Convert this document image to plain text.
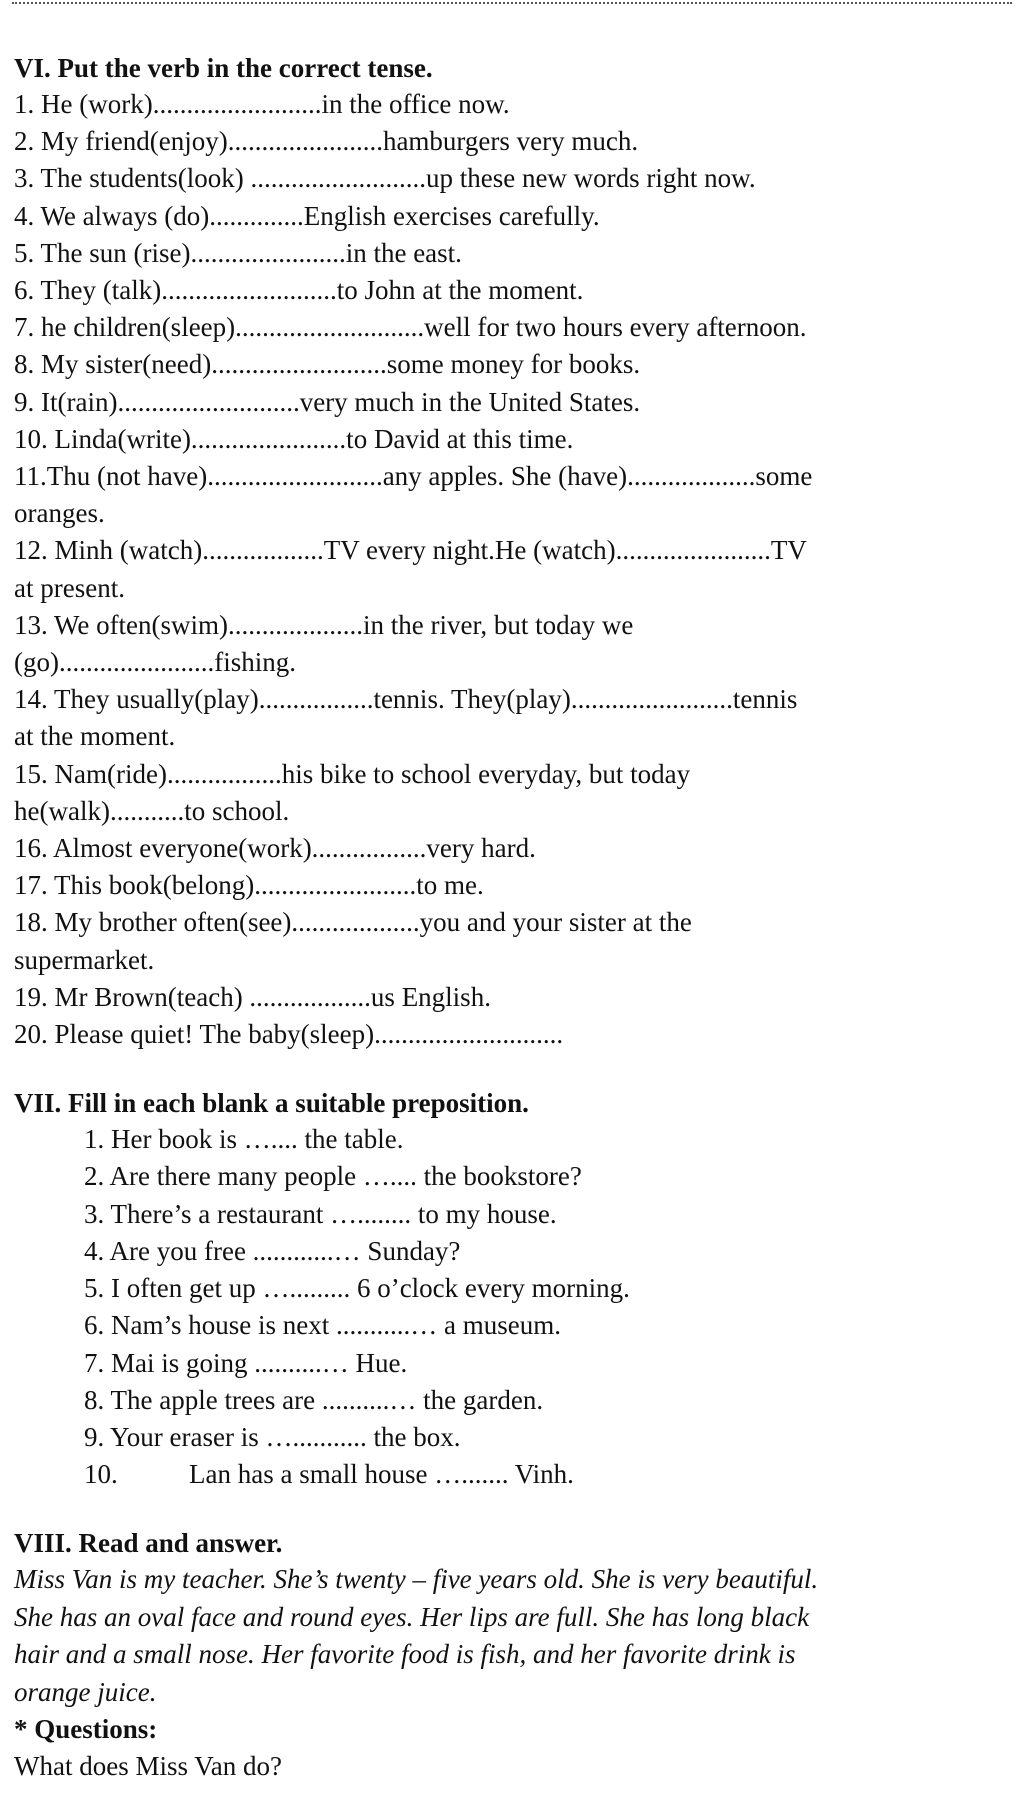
VI. Put the verb in the correct tense.

1. He (work).........................in the office now.

2. My friend(enjoy).......................hamburgers very much.

3. The students(look) ..........................up these new words right now.

4. We always (do)..............English exercises carefully.

5. The sun (rise).......................in the east.

6. They (talk)..........................to John at the moment.

7. he children(sleep)............................well for two hours every afternoon.

8. My sister(need)..........................some money for books.

9. It(rain)...........................very much in the United States.

10. Linda(write).......................to David at this time.

11.Thu (not have)..........................any apples. She (have)...................some

oranges.

12. Minh (watch)..................TV every night.He (watch).......................TV

at present.

13. We often(swim)....................in the river, but today we

(go).......................fishing.

14. They usually(play).................tennis. They(play)........................tennis

at the moment.

15. Nam(ride).................his bike to school everyday, but today

he(walk)...........to school.

16. Almost everyone(work).................very hard.

17. This book(belong)........................to me.

18. My brother often(see)...................you and your sister at the

supermarket.

19. Mr Brown(teach) ..................us English.

20. Please quiet! The baby(sleep)............................

VII. Fill in each blank a suitable preposition.

1. Her book is ….... the table.

2. Are there many people ….... the bookstore?

3. There’s a restaurant …........ to my house.

4. Are you free ............… Sunday?

5. I often get up …......... 6 o’clock every morning.

6. Nam’s house is next ...........… a museum.

7. Mai is going ..........… Hue.

8. The apple trees are ..........… the garden.

9. Your eraser is …........... the box.

10.	Lan has a small house …....... Vinh.

VIII. Read and answer.

Miss Van is my teacher. She’s twenty – five years old. She is very beautiful.

She has an oval face and round eyes. Her lips are full. She has long black

hair and a small nose. Her favorite food is fish, and her favorite drink is

orange juice.

* Questions:

What does Miss Van do?
